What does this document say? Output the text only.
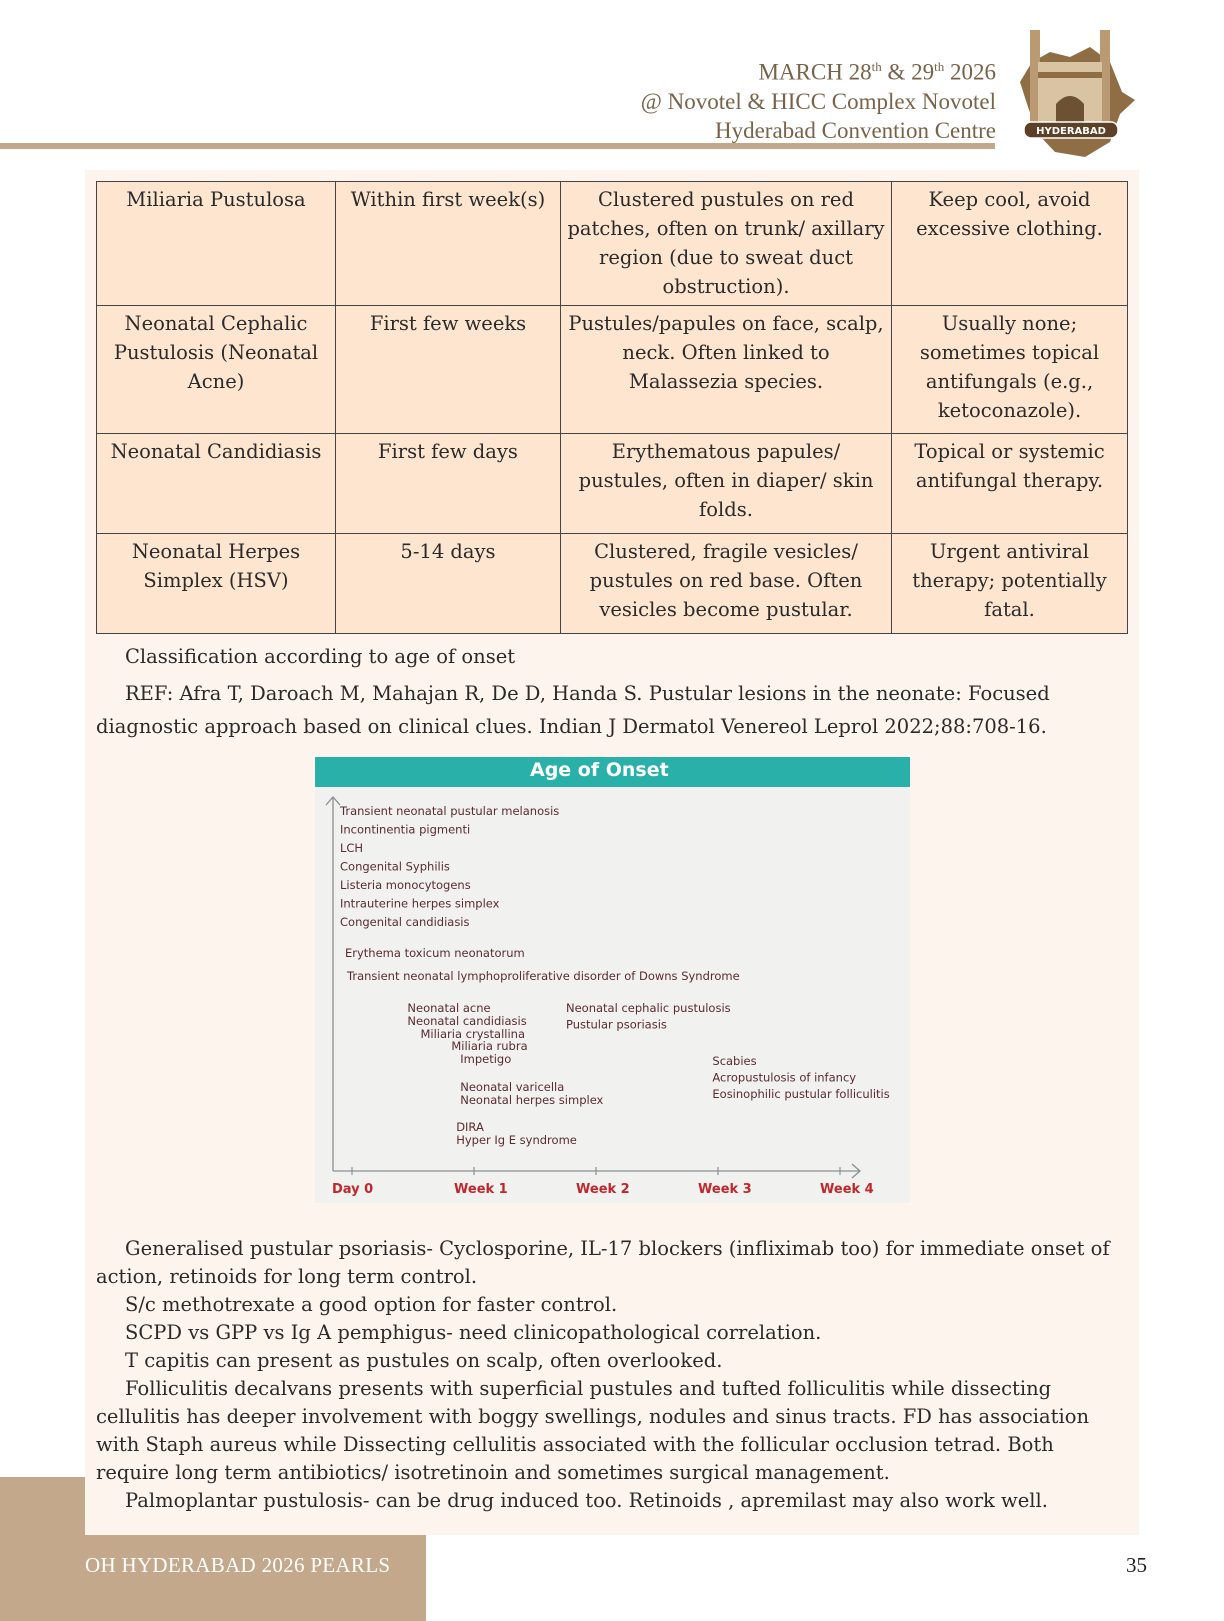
MARCH 28th & 29th 2026
@ Novotel & HICC Complex Novotel
Hyderabad Convention Centre	HYDERABAD
Miliaria Pustulosa	Within first week(s)	Clustered pustules on red patches, often on trunk/ axillary region (due to sweat duct obstruction).	Keep cool, avoid excessive clothing.
Neonatal Cephalic Pustulosis (Neonatal Acne)	First few weeks	Pustules/papules on face, scalp, neck. Often linked to Malassezia species.	Usually none; sometimes topical antifungals (e.g., ketoconazole).
Neonatal Candidiasis	First few days	Erythematous papules/ pustules, often in diaper/ skin folds.	Topical or systemic antifungal therapy.
Neonatal Herpes Simplex (HSV)	5-14 days	Clustered, fragile vesicles/ pustules on red base. Often vesicles become pustular.	Urgent antiviral therapy; potentially fatal.
Classification according to age of onset
REF: Afra T, Daroach M, Mahajan R, De D, Handa S. Pustular lesions in the neonate: Focused diagnostic approach based on clinical clues. Indian J Dermatol Venereol Leprol 2022;88:708-16.
Age of Onset
Day 0	Week 1	Week 2	Week 3	Week 4
Transient neonatal pustular melanosis
Incontinentia pigmenti
LCH
Congenital Syphilis
Listeria monocytogens
Intrauterine herpes simplex
Congenital candidiasis
Erythema toxicum neonatorum
Transient neonatal lymphoproliferative disorder of Downs Syndrome
Neonatal acne
Neonatal candidiasis
Miliaria crystallina
Miliaria rubra
Impetigo
Neonatal varicella
Neonatal herpes simplex
DIRA
Hyper Ig E syndrome
Neonatal cephalic pustulosis
Pustular psoriasis
Scabies
Acropustulosis of infancy
Eosinophilic pustular folliculitis
Generalised pustular psoriasis- Cyclosporine, IL-17 blockers (infliximab too) for immediate onset of action, retinoids for long term control.
S/c methotrexate a good option for faster control.
SCPD vs GPP vs Ig A pemphigus- need clinicopathological correlation.
T capitis can present as pustules on scalp, often overlooked.
Folliculitis decalvans presents with superficial pustules and tufted folliculitis while dissecting cellulitis has deeper involvement with boggy swellings, nodules and sinus tracts. FD has association with Staph aureus while Dissecting cellulitis associated with the follicular occlusion tetrad. Both require long term antibiotics/ isotretinoin and sometimes surgical management.
Palmoplantar pustulosis- can be drug induced too. Retinoids , apremilast may also work well.
OH HYDERABAD 2026 PEARLS	35
